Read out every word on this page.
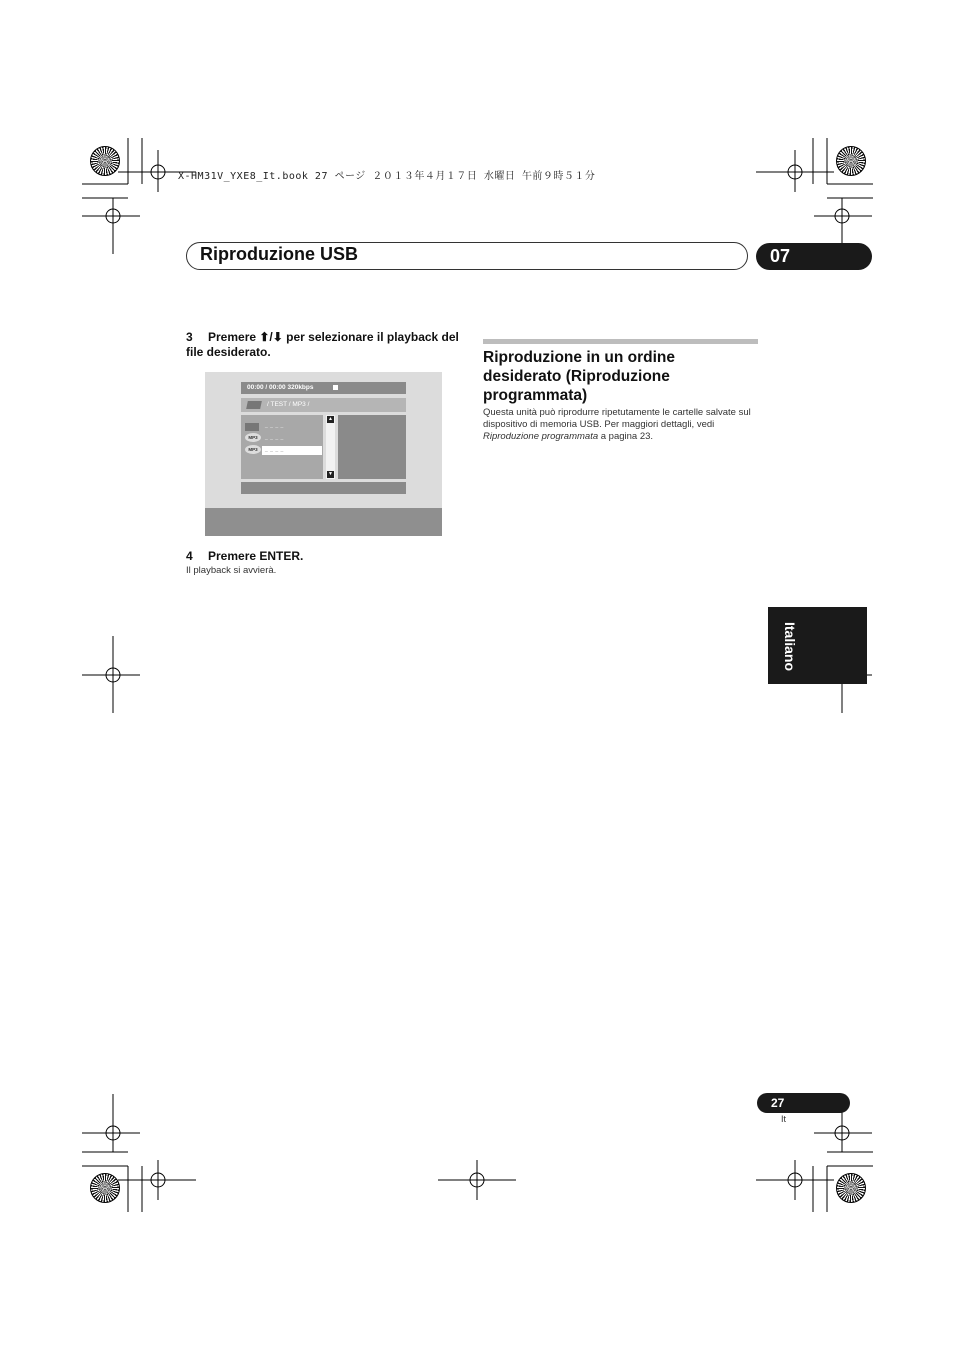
X-HM31V_YXE8_It.book 27 ページ ２０１３年４月１７日 水曜日 午前９時５１分
Riproduzione USB	07
3 Premere ⬆/⬇ per selezionare il playback del file desiderato.
00:00 / 00:00 320kbps
/ TEST / MP3 /
_ _ _ _
MP3	_ _ _ _
MP3	_ _ _ _
▲
▼
4 Premere ENTER.
Il playback si avvierà.
Riproduzione in un ordine desiderato (Riproduzione programmata)
Questa unità può riprodurre ripetutamente le cartelle salvate sul dispositivo di memoria USB. Per maggiori dettagli, vedi Riproduzione programmata a pagina 23.
Italiano
27
It
